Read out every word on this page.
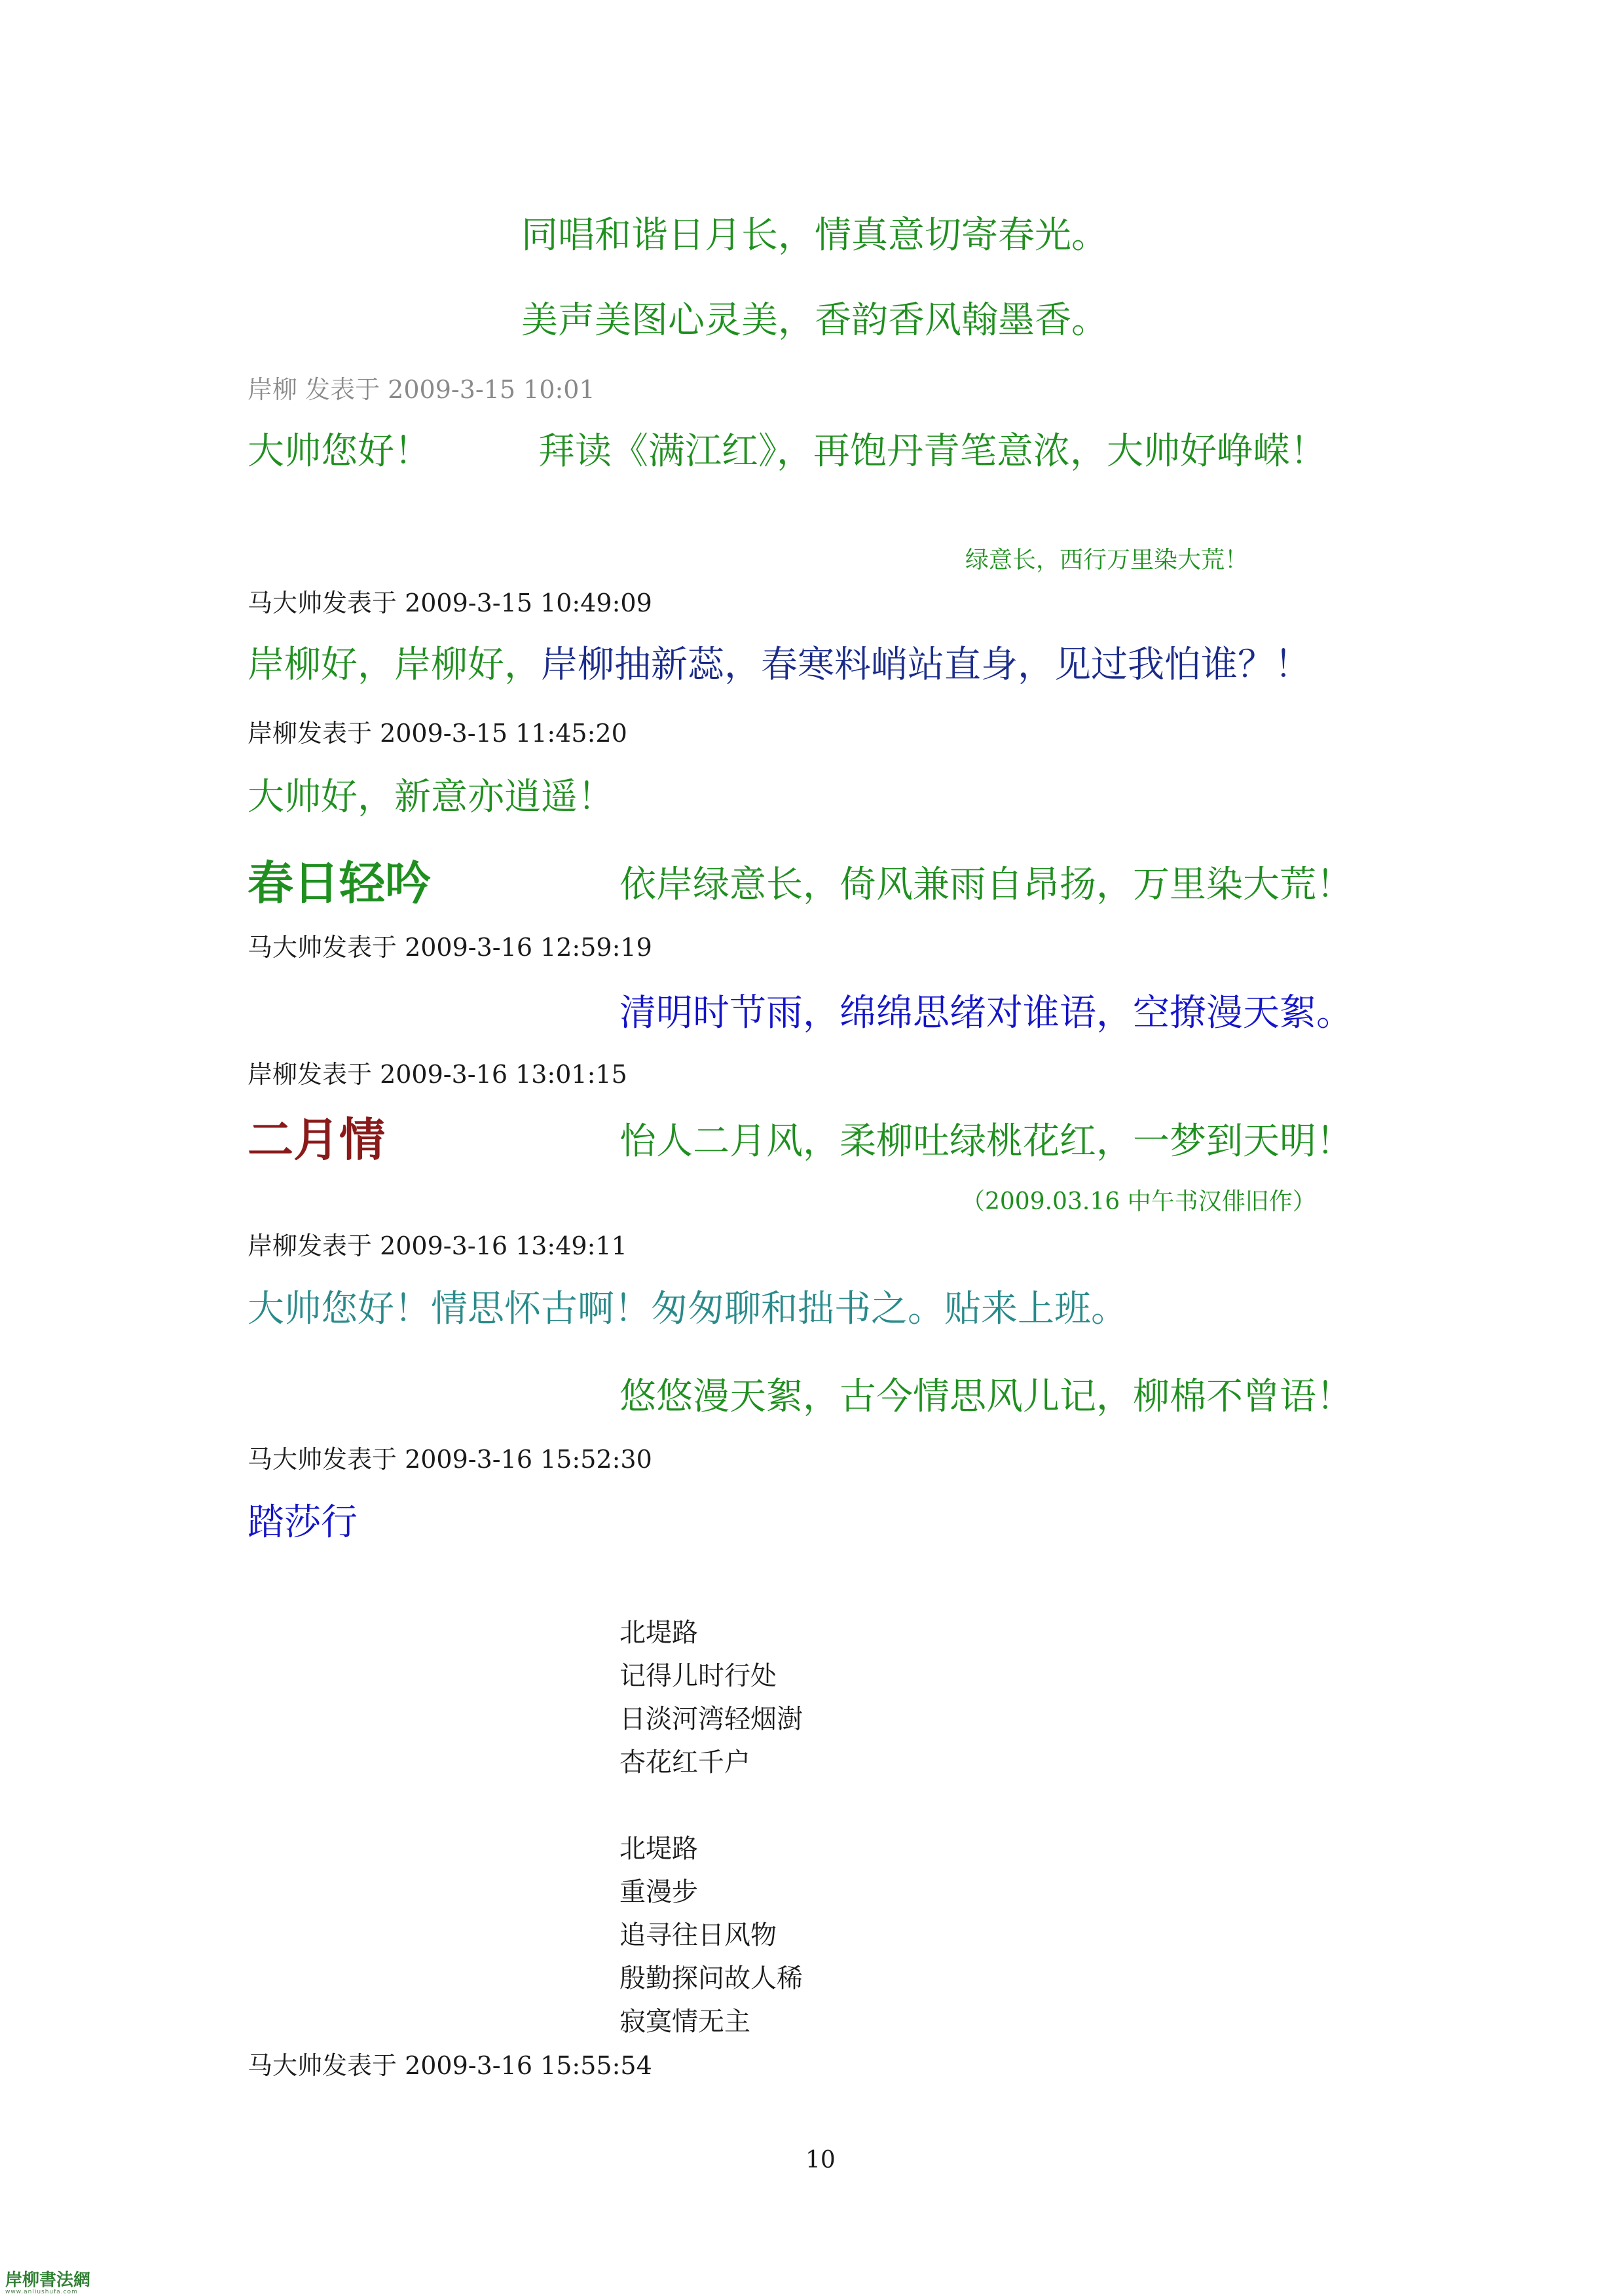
同唱和谐日月长，情真意切寄春光。
美声美图心灵美，香韵香风翰墨香。
岸柳 发表于 2009-3-15 10:01
大帅您好！	拜读《满江红》，再饱丹青笔意浓，大帅好峥嵘！
绿意长，西行万里染大荒！
马大帅发表于 2009-3-15 10:49:09
岸柳好，岸柳好，岸柳抽新蕊，春寒料峭站直身，见过我怕谁？！
岸柳发表于 2009-3-15 11:45:20
大帅好，新意亦逍遥！
春日轻吟	依岸绿意长，倚风兼雨自昂扬，万里染大荒！
马大帅发表于 2009-3-16 12:59:19
清明时节雨，绵绵思绪对谁语，空撩漫天絮。
岸柳发表于 2009-3-16 13:01:15
二月情	怡人二月风，柔柳吐绿桃花红，一梦到天明！
（2009.03.16 中午书汉俳旧作）
岸柳发表于 2009-3-16 13:49:11
大帅您好！情思怀古啊！匆匆聊和拙书之。贴来上班。
悠悠漫天絮，古今情思风儿记，柳棉不曾语！
马大帅发表于 2009-3-16 15:52:30
踏莎行
北堤路
记得儿时行处
日淡河湾轻烟澍
杏花红千户
北堤路
重漫步
追寻往日风物
殷勤探问故人稀
寂寞情无主
马大帅发表于 2009-3-16 15:55:54
10
岸柳書法網
www.anliushufa.com
